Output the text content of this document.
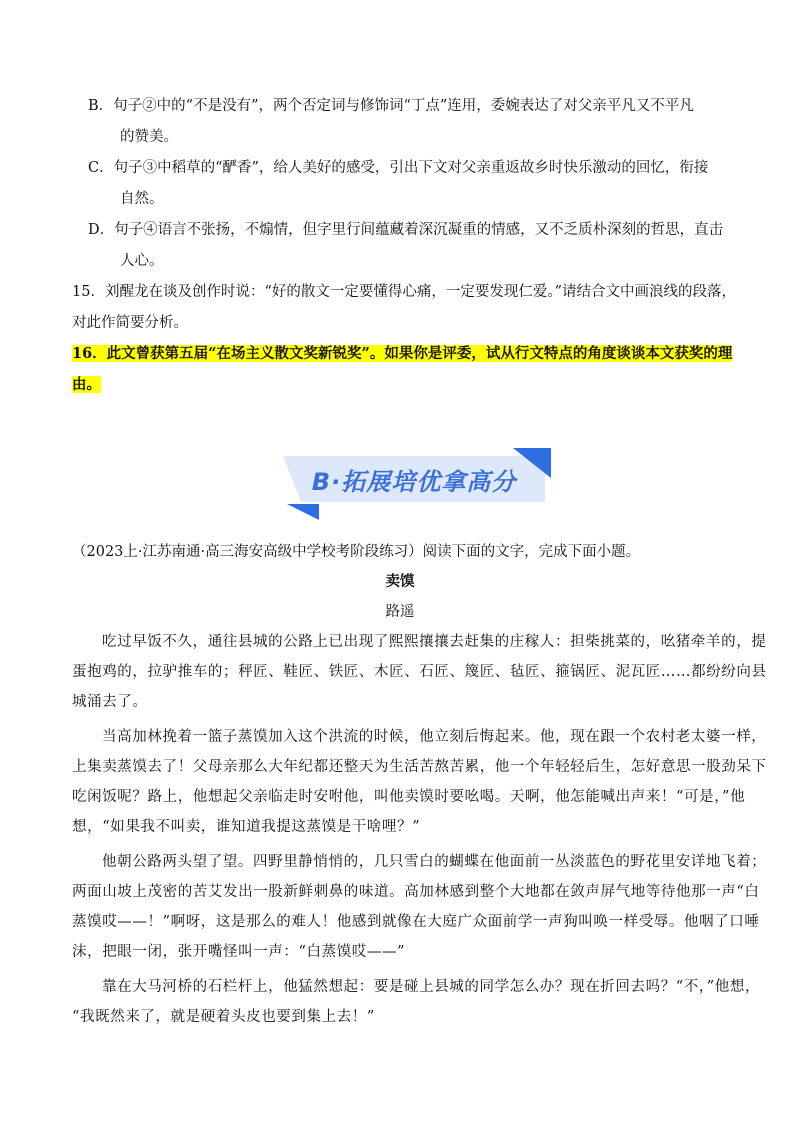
B．句子②中的“不是没有”，两个否定词与修饰词“丁点”连用，委婉表达了对父亲平凡又不平凡
的赞美。
C．句子③中稻草的“酽香”，给人美好的感受，引出下文对父亲重返故乡时快乐激动的回忆，衔接
自然。
D．句子④语言不张扬，不煽情，但字里行间蕴藏着深沉凝重的情感，又不乏质朴深刻的哲思，直击
人心。
15．刘醒龙在谈及创作时说：“好的散文一定要懂得心痛，一定要发现仁爱。”请结合文中画浪线的段落，
对此作简要分析。
16．此文曾获第五届“在场主义散文奖新锐奖”。如果你是评委，试从行文特点的角度谈谈本文获奖的理
由。
B·拓展培优拿高分
（2023上·江苏南通·高三海安高级中学校考阶段练习）阅读下面的文字，完成下面小题。
卖馍
路遥
吃过早饭不久，通往县城的公路上已出现了熙熙攘攘去赶集的庄稼人：担柴挑菜的，吆猪牵羊的，提
蛋抱鸡的，拉驴推车的；秤匠、鞋匠、铁匠、木匠、石匠、篾匠、毡匠、箍锅匠、泥瓦匠……都纷纷向县
城涌去了。
当高加林挽着一篮子蒸馍加入这个洪流的时候，他立刻后悔起来。他，现在跟一个农村老太婆一样，
上集卖蒸馍去了！父母亲那么大年纪都还整天为生活苦熬苦累，他一个年轻轻后生，怎好意思一股劲呆下
吃闲饭呢？路上，他想起父亲临走时安咐他，叫他卖馍时要吆喝。天啊，他怎能喊出声来！“可是，”他
想，“如果我不叫卖，谁知道我提这蒸馍是干啥哩？”
他朝公路两头望了望。四野里静悄悄的，几只雪白的蝴蝶在他面前一丛淡蓝色的野花里安详地飞着；
两面山坡上茂密的苦艾发出一股新鲜刺鼻的味道。高加林感到整个大地都在敛声屏气地等待他那一声“白
蒸馍哎——！”啊呀，这是那么的难人！他感到就像在大庭广众面前学一声狗叫唤一样受辱。他咽了口唾
沫，把眼一闭，张开嘴怪叫一声：“白蒸馍哎——”
靠在大马河桥的石栏杆上，他猛然想起：要是碰上县城的同学怎么办？现在折回去吗？“不，”他想，
“我既然来了，就是硬着头皮也要到集上去！”
